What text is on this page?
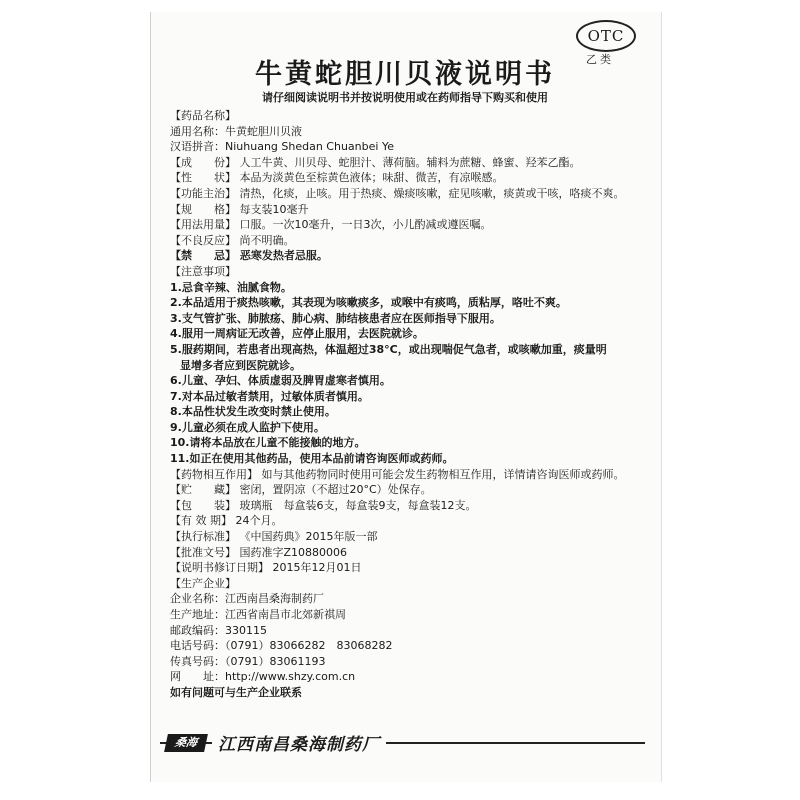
OTC
乙类
牛黄蛇胆川贝液说明书
请仔细阅读说明书并按说明使用或在药师指导下购买和使用
【药品名称】
通用名称：牛黄蛇胆川贝液
汉语拼音：Niuhuang Shedan Chuanbei Ye
【成　　份】 人工牛黄、川贝母、蛇胆汁、薄荷脑。辅料为蔗糖、蜂蜜、羟苯乙酯。
【性　　状】 本品为淡黄色至棕黄色液体；味甜、微苦，有凉喉感。
【功能主治】 清热，化痰，止咳。用于热痰、燥痰咳嗽，症见咳嗽，痰黄或干咳，咯痰不爽。
【规　　格】 每支装10毫升
【用法用量】 口服。一次10毫升，一日3次，小儿酌减或遵医嘱。
【不良反应】 尚不明确。
【禁　　忌】 恶寒发热者忌服。
【注意事项】
1.忌食辛辣、油腻食物。
2.本品适用于痰热咳嗽，其表现为咳嗽痰多，或喉中有痰鸣，质粘厚，咯吐不爽。
3.支气管扩张、肺脓疡、肺心病、肺结核患者应在医师指导下服用。
4.服用一周病证无改善，应停止服用，去医院就诊。
5.服药期间，若患者出现高热，体温超过38°C，或出现喘促气急者，或咳嗽加重，痰量明
显增多者应到医院就诊。
6.儿童、孕妇、体质虚弱及脾胃虚寒者慎用。
7.对本品过敏者禁用，过敏体质者慎用。
8.本品性状发生改变时禁止使用。
9.儿童必须在成人监护下使用。
10.请将本品放在儿童不能接触的地方。
11.如正在使用其他药品，使用本品前请咨询医师或药师。
【药物相互作用】 如与其他药物同时使用可能会发生药物相互作用，详情请咨询医师或药师。
【贮　　藏】 密闭，置阴凉（不超过20°C）处保存。
【包　　装】 玻璃瓶　每盒装6支，每盒装9支，每盒装12支。
【有 效 期】 24个月。
【执行标准】 《中国药典》2015年版一部
【批准文号】 国药准字Z10880006
【说明书修订日期】 2015年12月01日
【生产企业】
企业名称：江西南昌桑海制药厂
生产地址：江西省南昌市北郊新祺周
邮政编码：330115
电话号码：（0791）83066282　83068282
传真号码：（0791）83061193
网　　址：http://www.shzy.com.cn
如有问题可与生产企业联系
桑海	江西南昌桑海制药厂
